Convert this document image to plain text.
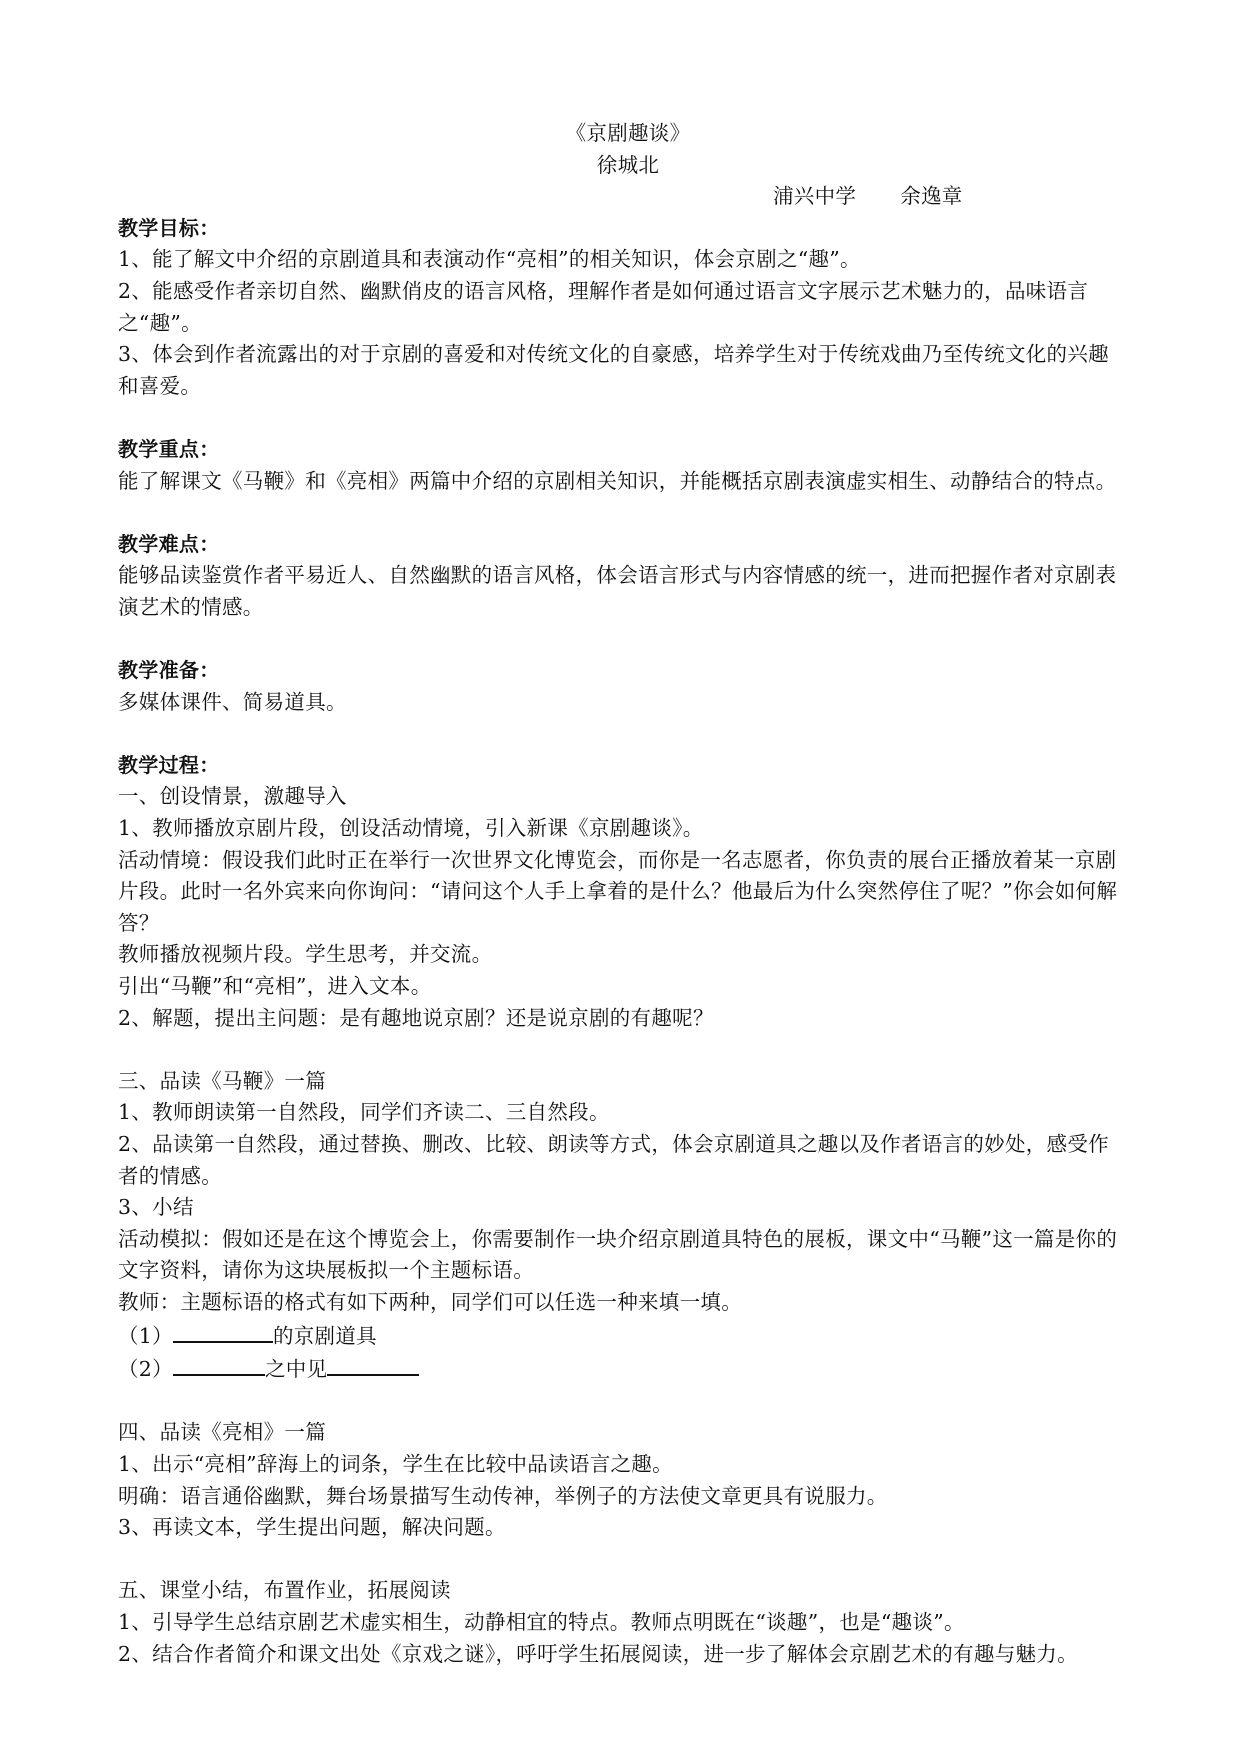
《京剧趣谈》
徐城北
浦兴中学 余逸章
教学目标：
1、能了解文中介绍的京剧道具和表演动作“亮相”的相关知识，体会京剧之“趣”。
2、能感受作者亲切自然、幽默俏皮的语言风格，理解作者是如何通过语言文字展示艺术魅力的，品味语言之“趣”。
3、体会到作者流露出的对于京剧的喜爱和对传统文化的自豪感，培养学生对于传统戏曲乃至传统文化的兴趣和喜爱。
教学重点：
能了解课文《马鞭》和《亮相》两篇中介绍的京剧相关知识，并能概括京剧表演虚实相生、动静结合的特点。
教学难点：
能够品读鉴赏作者平易近人、自然幽默的语言风格，体会语言形式与内容情感的统一，进而把握作者对京剧表演艺术的情感。
教学准备：
多媒体课件、简易道具。
教学过程：
一、创设情景，激趣导入
1、教师播放京剧片段，创设活动情境，引入新课《京剧趣谈》。
活动情境：假设我们此时正在举行一次世界文化博览会，而你是一名志愿者，你负责的展台正播放着某一京剧片段。此时一名外宾来向你询问：“请问这个人手上拿着的是什么？他最后为什么突然停住了呢？”你会如何解答？
教师播放视频片段。学生思考，并交流。
引出“马鞭”和“亮相”，进入文本。
2、解题，提出主问题：是有趣地说京剧？还是说京剧的有趣呢？
三、品读《马鞭》一篇
1、教师朗读第一自然段，同学们齐读二、三自然段。
2、品读第一自然段，通过替换、删改、比较、朗读等方式，体会京剧道具之趣以及作者语言的妙处，感受作者的情感。
3、小结
活动模拟：假如还是在这个博览会上，你需要制作一块介绍京剧道具特色的展板，课文中“马鞭”这一篇是你的文字资料，请你为这块展板拟一个主题标语。
教师：主题标语的格式有如下两种，同学们可以任选一种来填一填。
（1）	的京剧道具
（2）	之中见
四、品读《亮相》一篇
1、出示“亮相”辞海上的词条，学生在比较中品读语言之趣。
明确：语言通俗幽默，舞台场景描写生动传神，举例子的方法使文章更具有说服力。
3、再读文本，学生提出问题，解决问题。
五、课堂小结，布置作业，拓展阅读
1、引导学生总结京剧艺术虚实相生，动静相宜的特点。教师点明既在“谈趣”，也是“趣谈”。
2、结合作者简介和课文出处《京戏之谜》，呼吁学生拓展阅读，进一步了解体会京剧艺术的有趣与魅力。
